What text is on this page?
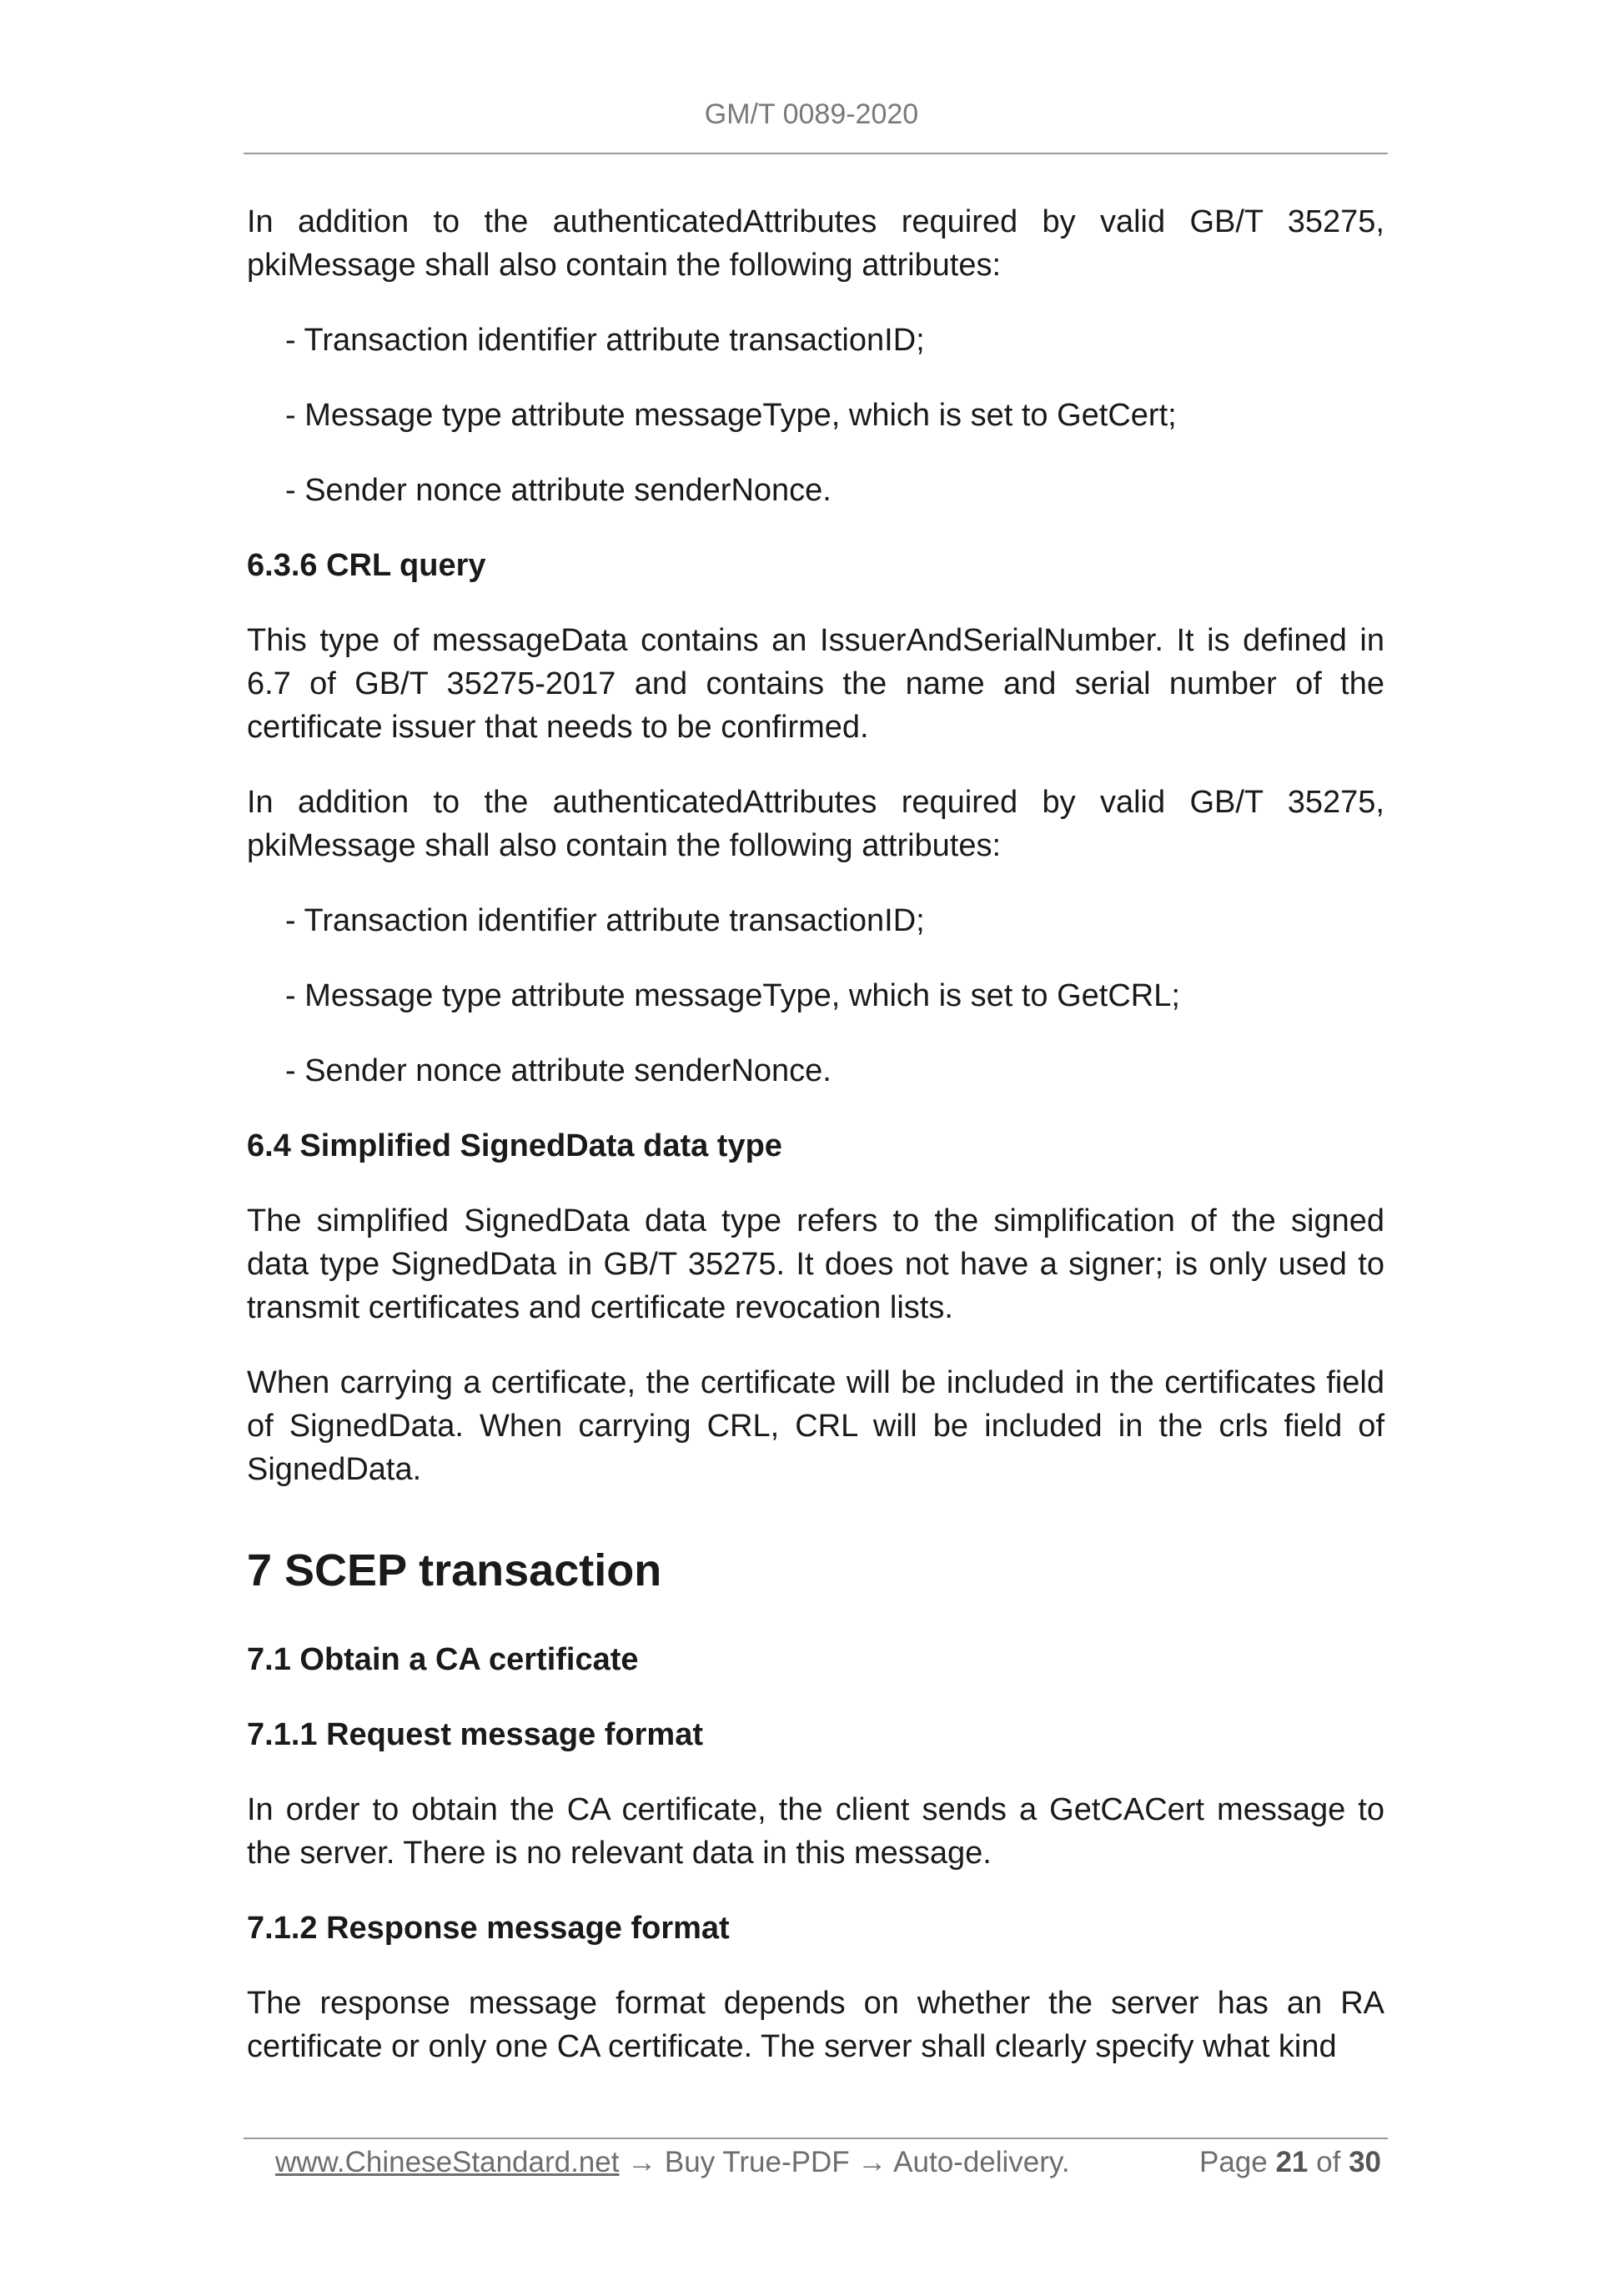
GM/T 0089-2020

In addition to the authenticatedAttributes required by valid GB/T 35275, pkiMessage shall also contain the following attributes:

- Transaction identifier attribute transactionID;

- Message type attribute messageType, which is set to GetCert;

- Sender nonce attribute senderNonce.

6.3.6 CRL query

This type of messageData contains an IssuerAndSerialNumber. It is defined in 6.7 of GB/T 35275-2017 and contains the name and serial number of the certificate issuer that needs to be confirmed.

In addition to the authenticatedAttributes required by valid GB/T 35275, pkiMessage shall also contain the following attributes:

- Transaction identifier attribute transactionID;

- Message type attribute messageType, which is set to GetCRL;

- Sender nonce attribute senderNonce.

6.4 Simplified SignedData data type

The simplified SignedData data type refers to the simplification of the signed data type SignedData in GB/T 35275. It does not have a signer; is only used to transmit certificates and certificate revocation lists.

When carrying a certificate, the certificate will be included in the certificates field of SignedData. When carrying CRL, CRL will be included in the crls field of SignedData.

7 SCEP transaction
7.1 Obtain a CA certificate
7.1.1 Request message format

In order to obtain the CA certificate, the client sends a GetCACert message to the server. There is no relevant data in this message.

7.1.2 Response message format

The response message format depends on whether the server has an RA certificate or only one CA certificate. The server shall clearly specify what kind

www.ChineseStandard.net → Buy True-PDF → Auto-delivery.	Page 21 of 30
